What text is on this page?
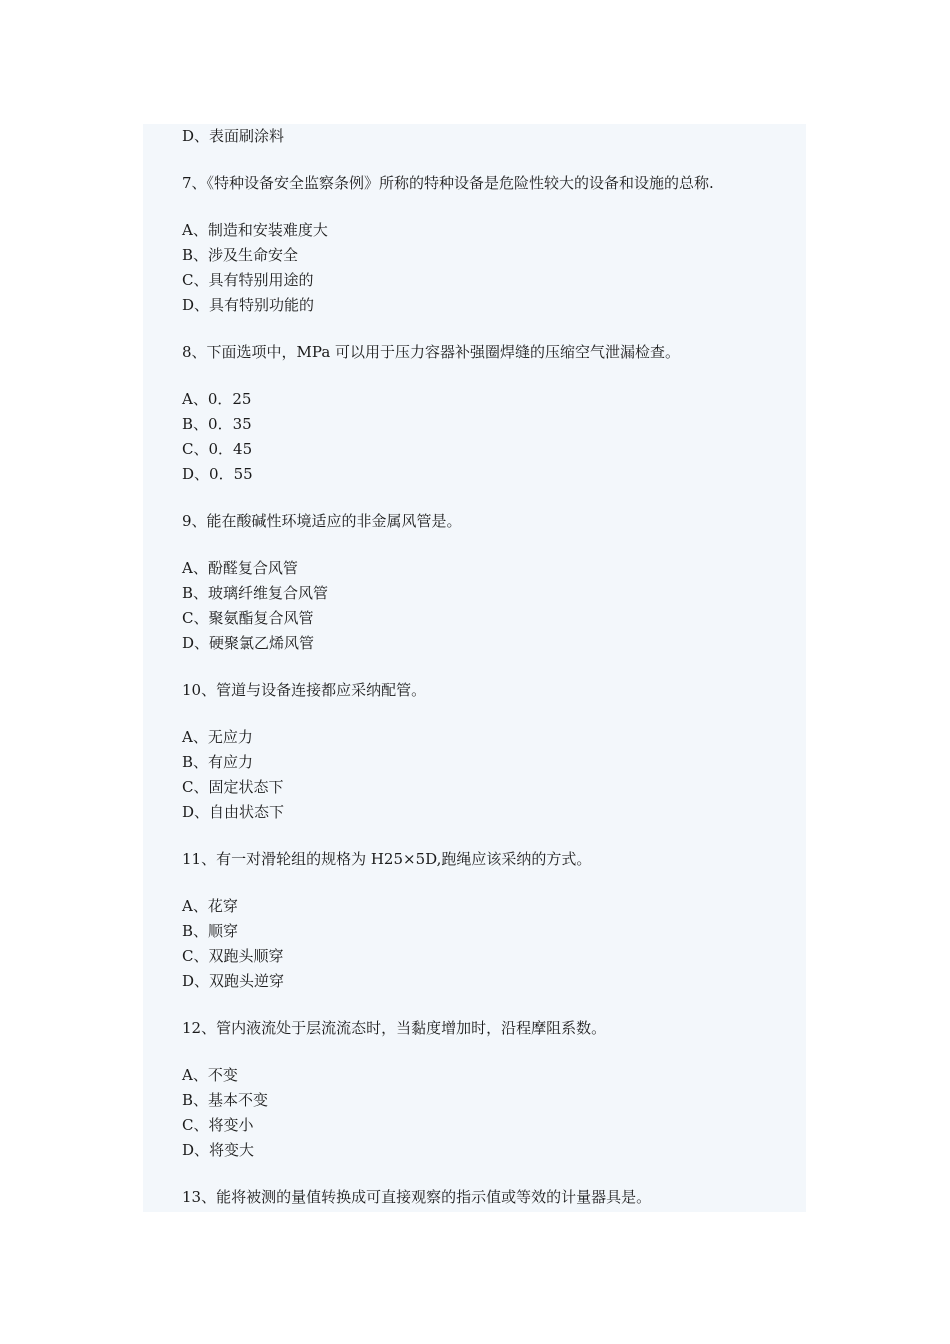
D、表面刷涂料
7、《特种设备安全监察条例》所称的特种设备是危险性较大的设备和设施的总称.
A、制造和安装难度大
B、涉及生命安全
C、具有特别用途的
D、具有特别功能的
8、下面选项中，MPa 可以用于压力容器补强圈焊缝的压缩空气泄漏检查。
A、0．25
B、0．35
C、0．45
D、0．55
9、能在酸碱性环境适应的非金属风管是。
A、酚醛复合风管
B、玻璃纤维复合风管
C、聚氨酯复合风管
D、硬聚氯乙烯风管
10、管道与设备连接都应采纳配管。
A、无应力
B、有应力
C、固定状态下
D、自由状态下
11、有一对滑轮组的规格为 H25×5D,跑绳应该采纳的方式。
A、花穿
B、顺穿
C、双跑头顺穿
D、双跑头逆穿
12、管内液流处于层流流态时，当黏度增加时，沿程摩阻系数。
A、不变
B、基本不变
C、将变小
D、将变大
13、能将被测的量值转换成可直接观察的指示值或等效的计量器具是。
